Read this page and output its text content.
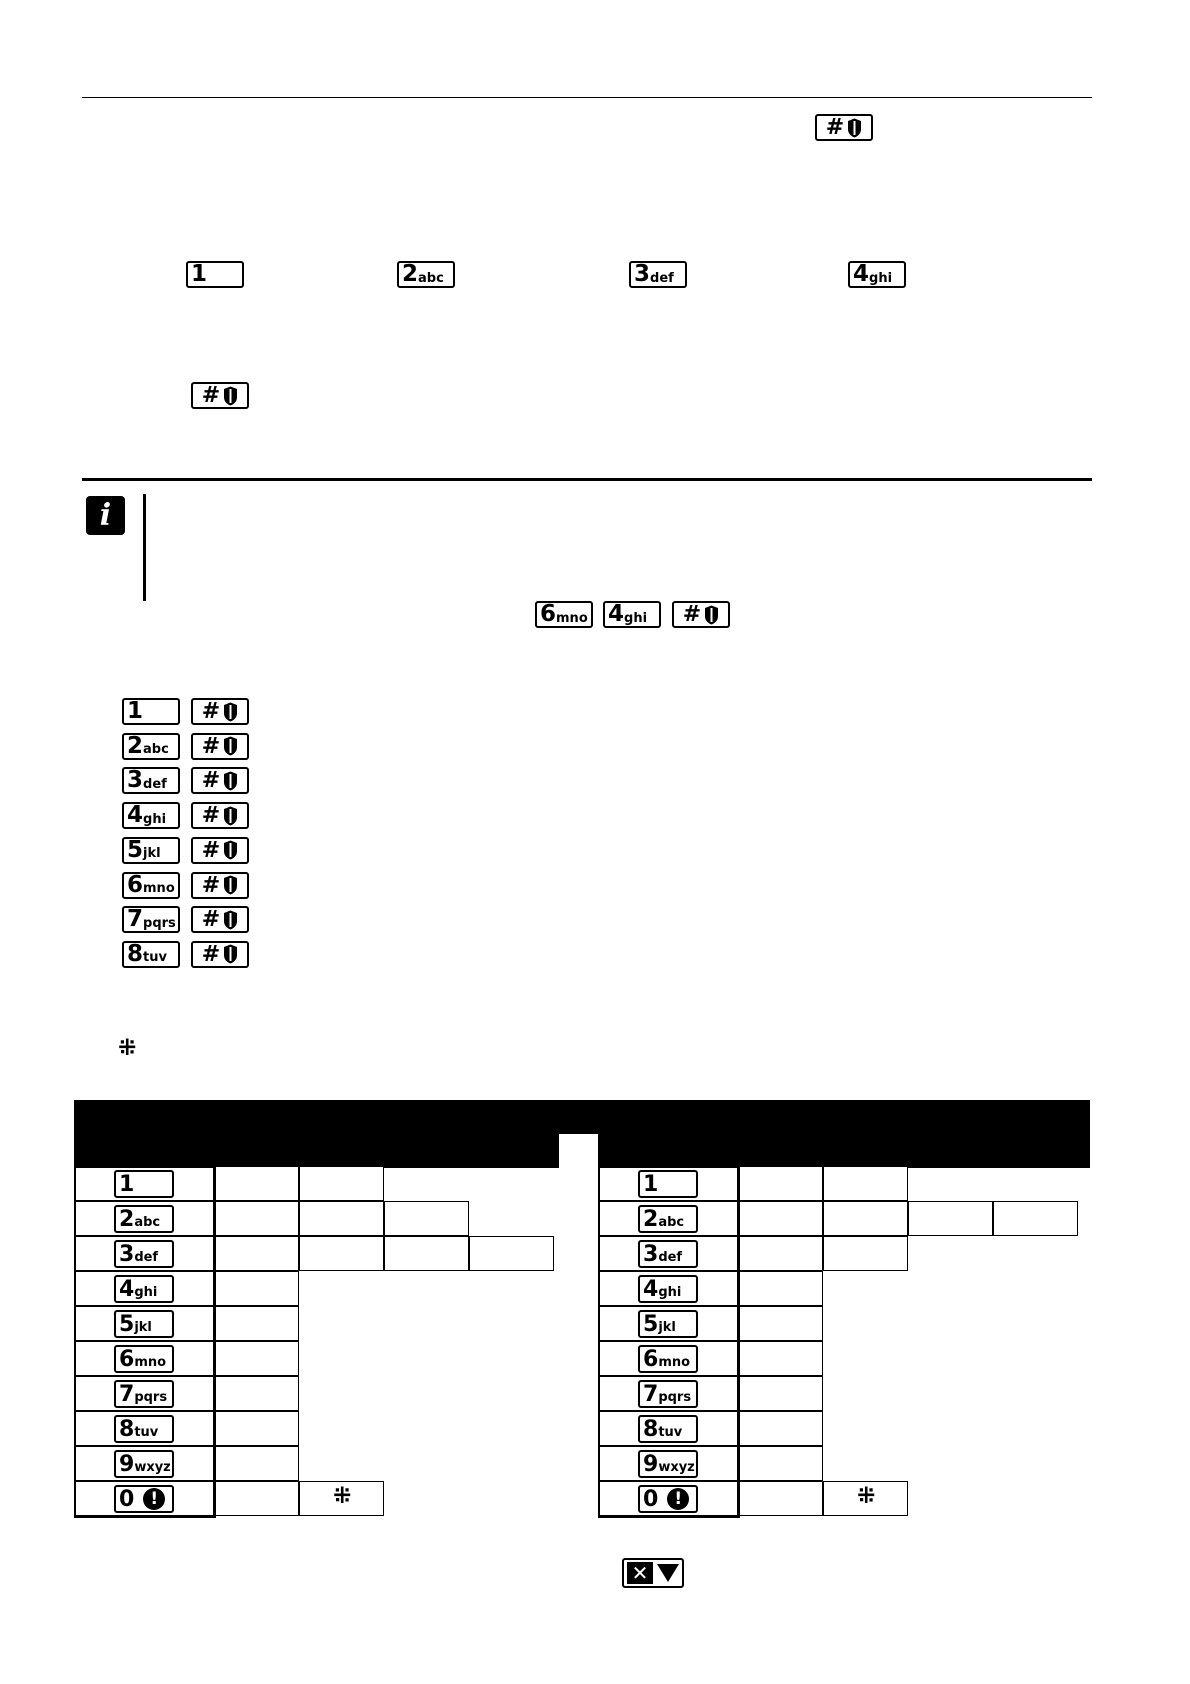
#
1	2 abc	3 def	4 ghi
#
i
6 mno 4 ghi #
1	#
2 abc #
3 def #
4 ghi #
5 jkl #
6 mno #
7 pqrs #
8 tuv #
⁜
1
2 abc
3 def
4 ghi
5 jkl
6 mno
7 pqrs
8 tuv
9 wxyz
0	!	⁜
1
2 abc
3 def
4 ghi
5 jkl
6 mno
7 pqrs
8 tuv
9 wxyz
0	!	⁜
✕
